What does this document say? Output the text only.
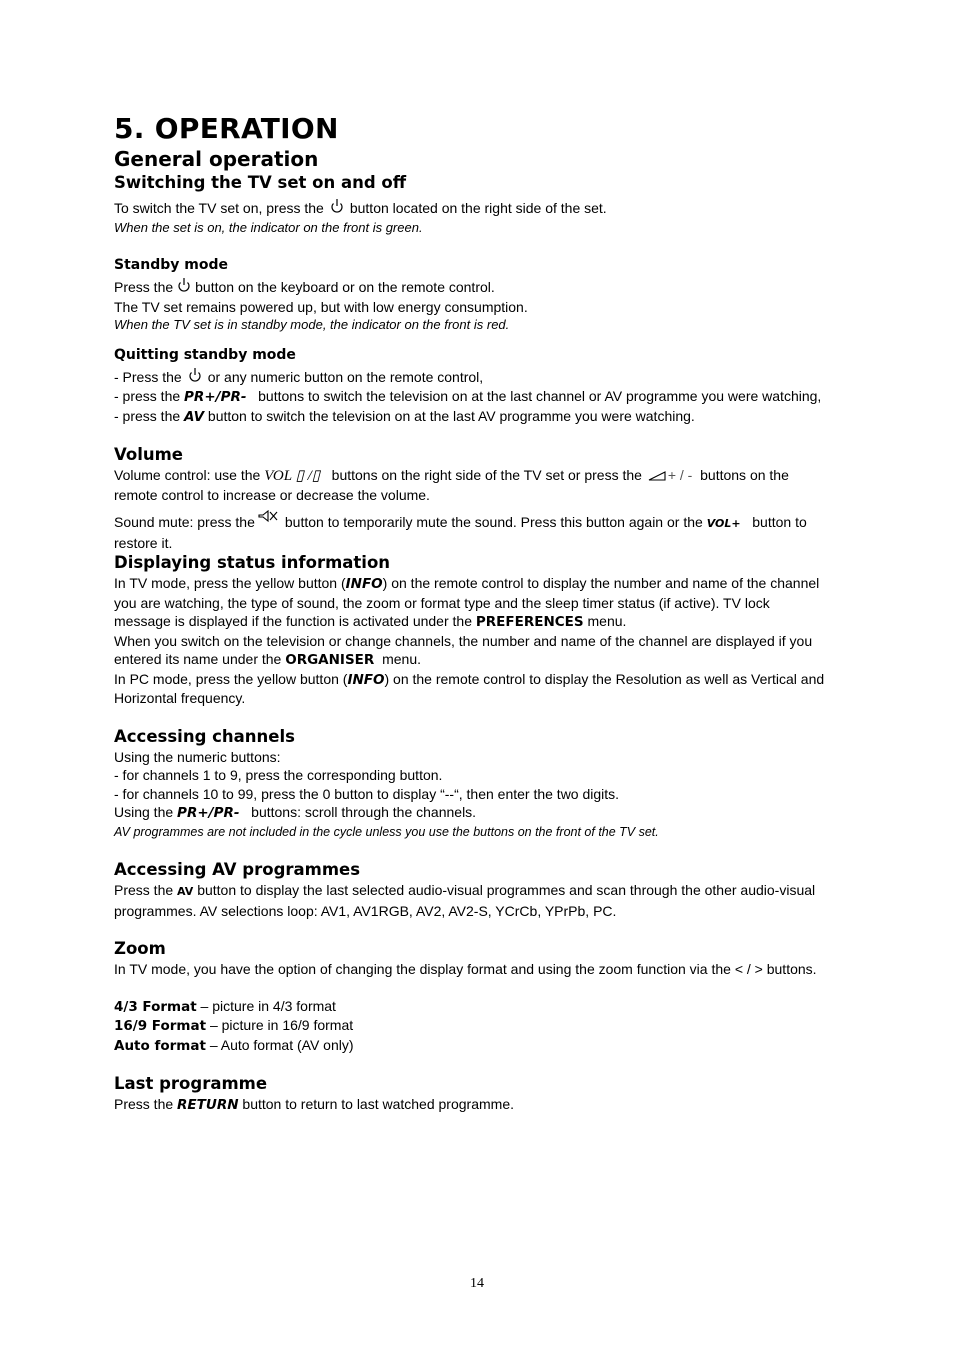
5. OPERATION
General operation
Switching the TV set on and off

To switch the TV set on, press the button located on the right side of the set.

When the set is on, the indicator on the front is green.

Standby mode

Press the button on the keyboard or on the remote control.

The TV set remains powered up, but with low energy consumption.

When the TV set is in standby mode, the indicator on the front is red.

Quitting standby mode

- Press the or any numeric button on the remote control,

- press the PR+/PR- buttons to switch the television on at the last channel or AV programme you were watching,

- press the AV button to switch the television on at the last AV programme you were watching.

Volume

Volume control: use the VOL ▯ /▯ buttons on the right side of the TV set or press the + / - buttons on the remote control to increase or decrease the volume.

Sound mute: press the button to temporarily mute the sound. Press this button again or the VOL+ button to restore it.

Displaying status information

In TV mode, press the yellow button (INFO) on the remote control to display the number and name of the channel you are watching, the type of sound, the zoom or format type and the sleep timer status (if active). TV lock message is displayed if the function is activated under the PREFERENCES menu.

When you switch on the television or change channels, the number and name of the channel are displayed if you entered its name under the ORGANISER menu.

In PC mode, press the yellow button (INFO) on the remote control to display the Resolution as well as Vertical and Horizontal frequency.

Accessing channels

Using the numeric buttons:

- for channels 1 to 9, press the corresponding button.

- for channels 10 to 99, press the 0 button to display “--“, then enter the two digits.

Using the PR+/PR- buttons: scroll through the channels.

AV programmes are not included in the cycle unless you use the buttons on the front of the TV set.

Accessing AV programmes

Press the AV button to display the last selected audio-visual programmes and scan through the other audio-visual programmes. AV selections loop: AV1, AV1RGB, AV2, AV2-S, YCrCb, YPrPb, PC.

Zoom

In TV mode, you have the option of changing the display format and using the zoom function via the < / > buttons.

4/3 Format – picture in 4/3 format

16/9 Format – picture in 16/9 format

Auto format – Auto format (AV only)

Last programme

Press the RETURN button to return to last watched programme.

14
